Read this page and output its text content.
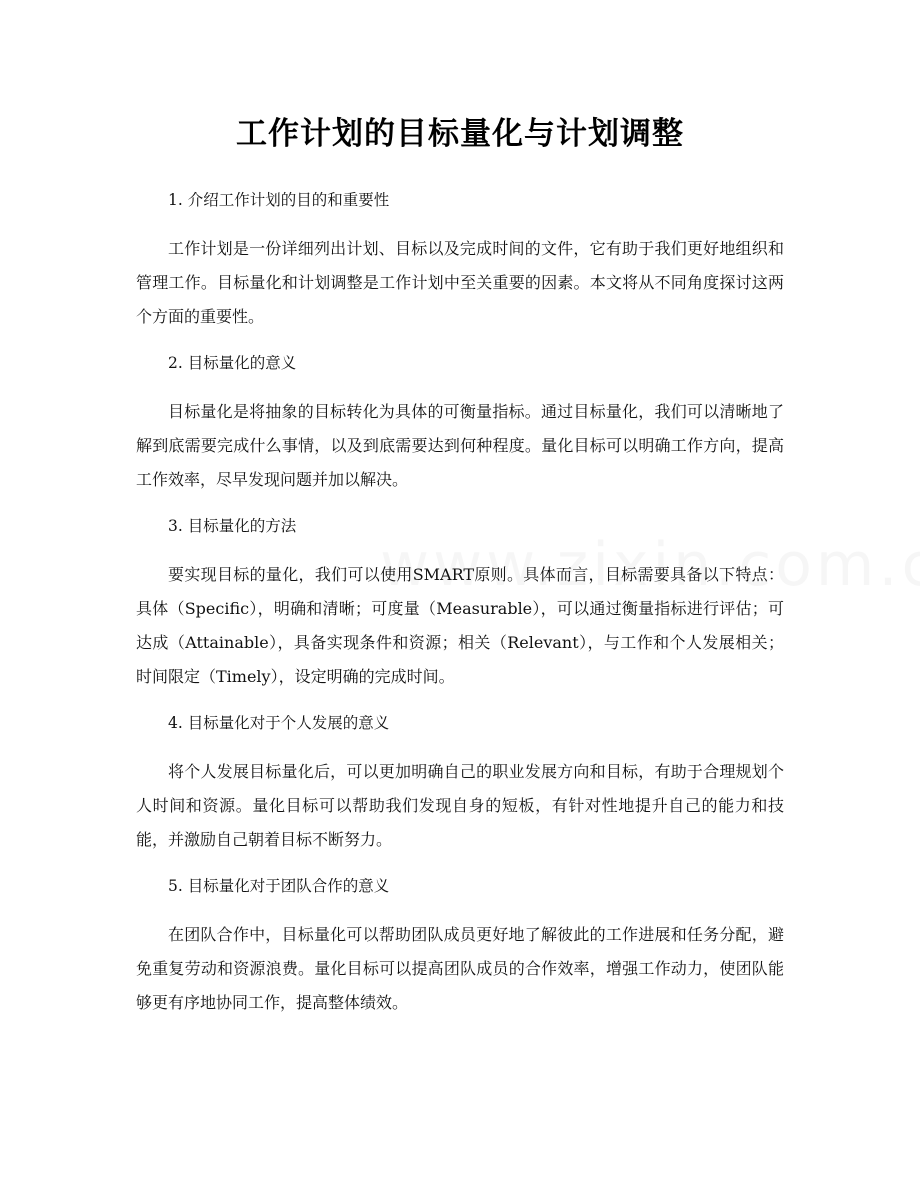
工作计划的目标量化与计划调整

1. 介绍工作计划的目的和重要性

工作计划是一份详细列出计划、目标以及完成时间的文件，它有助于我们更好地组织和管理工作。目标量化和计划调整是工作计划中至关重要的因素。本文将从不同角度探讨这两个方面的重要性。

2. 目标量化的意义

目标量化是将抽象的目标转化为具体的可衡量指标。通过目标量化，我们可以清晰地了解到底需要完成什么事情，以及到底需要达到何种程度。量化目标可以明确工作方向，提高工作效率，尽早发现问题并加以解决。

3. 目标量化的方法

要实现目标的量化，我们可以使用SMART原则。具体而言，目标需要具备以下特点：具体（Specific），明确和清晰；可度量（Measurable），可以通过衡量指标进行评估；可达成（Attainable），具备实现条件和资源；相关（Relevant），与工作和个人发展相关；时间限定（Timely），设定明确的完成时间。

4. 目标量化对于个人发展的意义

将个人发展目标量化后，可以更加明确自己的职业发展方向和目标，有助于合理规划个人时间和资源。量化目标可以帮助我们发现自身的短板，有针对性地提升自己的能力和技能，并激励自己朝着目标不断努力。

5. 目标量化对于团队合作的意义

在团队合作中，目标量化可以帮助团队成员更好地了解彼此的工作进展和任务分配，避免重复劳动和资源浪费。量化目标可以提高团队成员的合作效率，增强工作动力，使团队能够更有序地协同工作，提高整体绩效。
